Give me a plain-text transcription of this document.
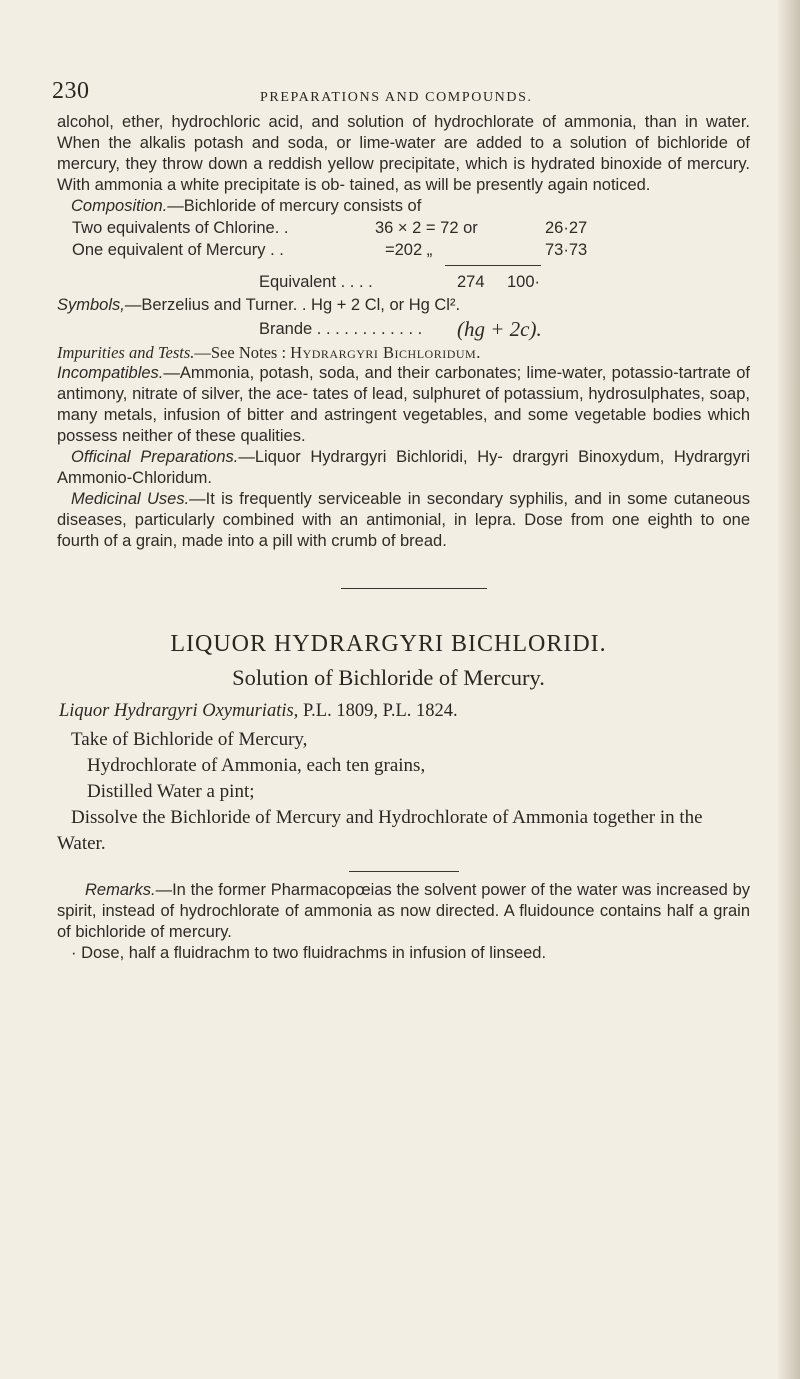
230	PREPARATIONS AND COMPOUNDS.

alcohol, ether, hydrochloric acid, and solution of hydrochlorate of ammonia, than in water. When the alkalis potash and soda, or lime-water are added to a solution of bichloride of mercury, they throw down a reddish yellow precipitate, which is hydrated binoxide of mercury. With ammonia a white precipitate is ob- tained, as will be presently again noticed.

Composition.—Bichloride of mercury consists of

Two equivalents of Chlorine. .	36 × 2 = 72 or	26·27
One equivalent of Mercury . .	=202 „	73·73
Equivalent . . . .	274	100·

Symbols,—Berzelius and Turner. . Hg + 2 Cl, or Hg Cl².

Brande . . . . . . . . . . . .	(hg + 2c).

Impurities and Tests.—See Notes : Hydrargyri Bichloridum.

Incompatibles.—Ammonia, potash, soda, and their carbonates; lime-water, potassio-tartrate of antimony, nitrate of silver, the ace- tates of lead, sulphuret of potassium, hydrosulphates, soap, many metals, infusion of bitter and astringent vegetables, and some vegetable bodies which possess neither of these qualities.

Officinal Preparations.—Liquor Hydrargyri Bichloridi, Hy- drargyri Binoxydum, Hydrargyri Ammonio-Chloridum.

Medicinal Uses.—It is frequently serviceable in secondary syphilis, and in some cutaneous diseases, particularly combined with an antimonial, in lepra. Dose from one eighth to one fourth of a grain, made into a pill with crumb of bread.

LIQUOR HYDRARGYRI BICHLORIDI.
Solution of Bichloride of Mercury.
Liquor Hydrargyri Oxymuriatis, P.L. 1809, P.L. 1824.
Take of Bichloride of Mercury,
Hydrochlorate of Ammonia, each ten grains,
Distilled Water a pint;
Dissolve the Bichloride of Mercury and Hydrochlorate of Ammonia together in the Water.

Remarks.—In the former Pharmacopœias the solvent power of the water was increased by spirit, instead of hydrochlorate of ammonia as now directed. A fluidounce contains half a grain of bichloride of mercury.

· Dose, half a fluidrachm to two fluidrachms in infusion of linseed.
